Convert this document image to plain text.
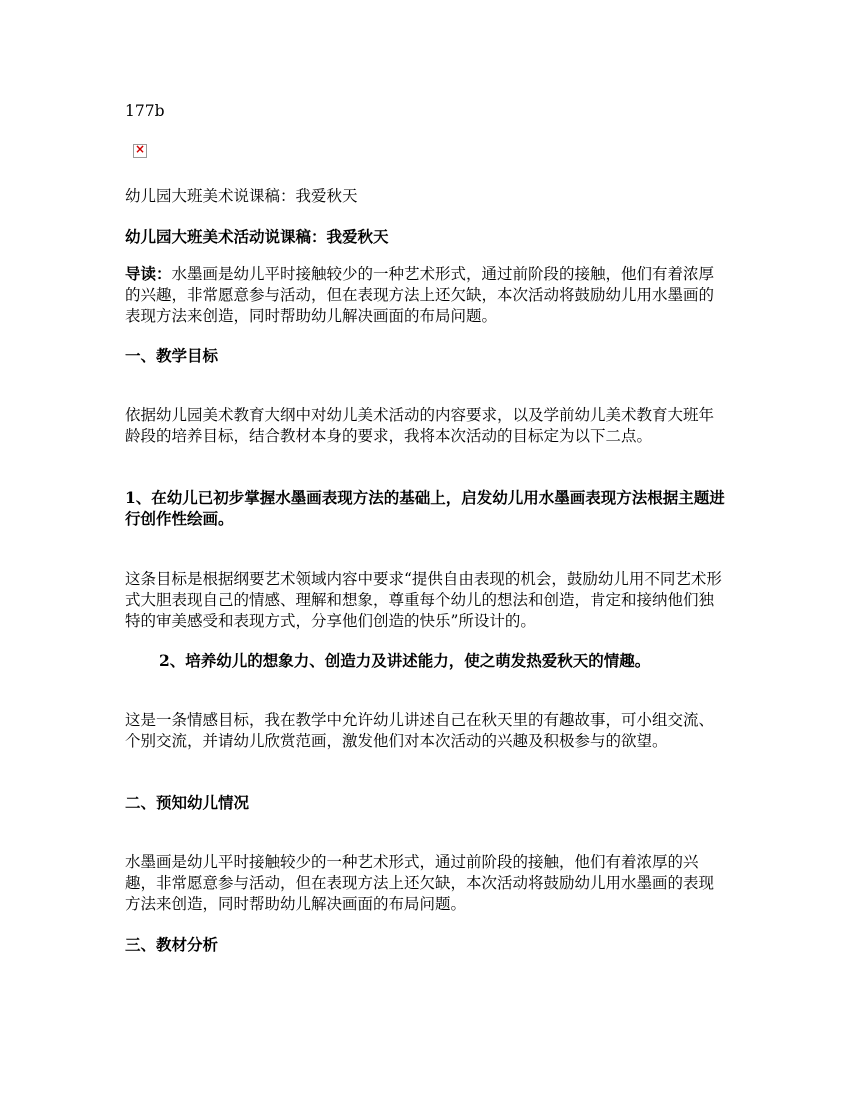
177b
×
幼儿园大班美术说课稿：我爱秋天
幼儿园大班美术活动说课稿：我爱秋天
导读：水墨画是幼儿平时接触较少的一种艺术形式，通过前阶段的接触，他们有着浓厚的兴趣，非常愿意参与活动，但在表现方法上还欠缺，本次活动将鼓励幼儿用水墨画的表现方法来创造，同时帮助幼儿解决画面的布局问题。
一、教学目标
依据幼儿园美术教育大纲中对幼儿美术活动的内容要求，以及学前幼儿美术教育大班年龄段的培养目标，结合教材本身的要求，我将本次活动的目标定为以下二点。
1、在幼儿已初步掌握水墨画表现方法的基础上，启发幼儿用水墨画表现方法根据主题进行创作性绘画。
这条目标是根据纲要艺术领域内容中要求“提供自由表现的机会，鼓励幼儿用不同艺术形式大胆表现自己的情感、理解和想象，尊重每个幼儿的想法和创造，肯定和接纳他们独特的审美感受和表现方式，分享他们创造的快乐”所设计的。
2、培养幼儿的想象力、创造力及讲述能力，使之萌发热爱秋天的情趣。
这是一条情感目标，我在教学中允许幼儿讲述自己在秋天里的有趣故事，可小组交流、个别交流，并请幼儿欣赏范画，激发他们对本次活动的兴趣及积极参与的欲望。
二、预知幼儿情况
水墨画是幼儿平时接触较少的一种艺术形式，通过前阶段的接触，他们有着浓厚的兴趣，非常愿意参与活动，但在表现方法上还欠缺，本次活动将鼓励幼儿用水墨画的表现方法来创造，同时帮助幼儿解决画面的布局问题。
三、教材分析
